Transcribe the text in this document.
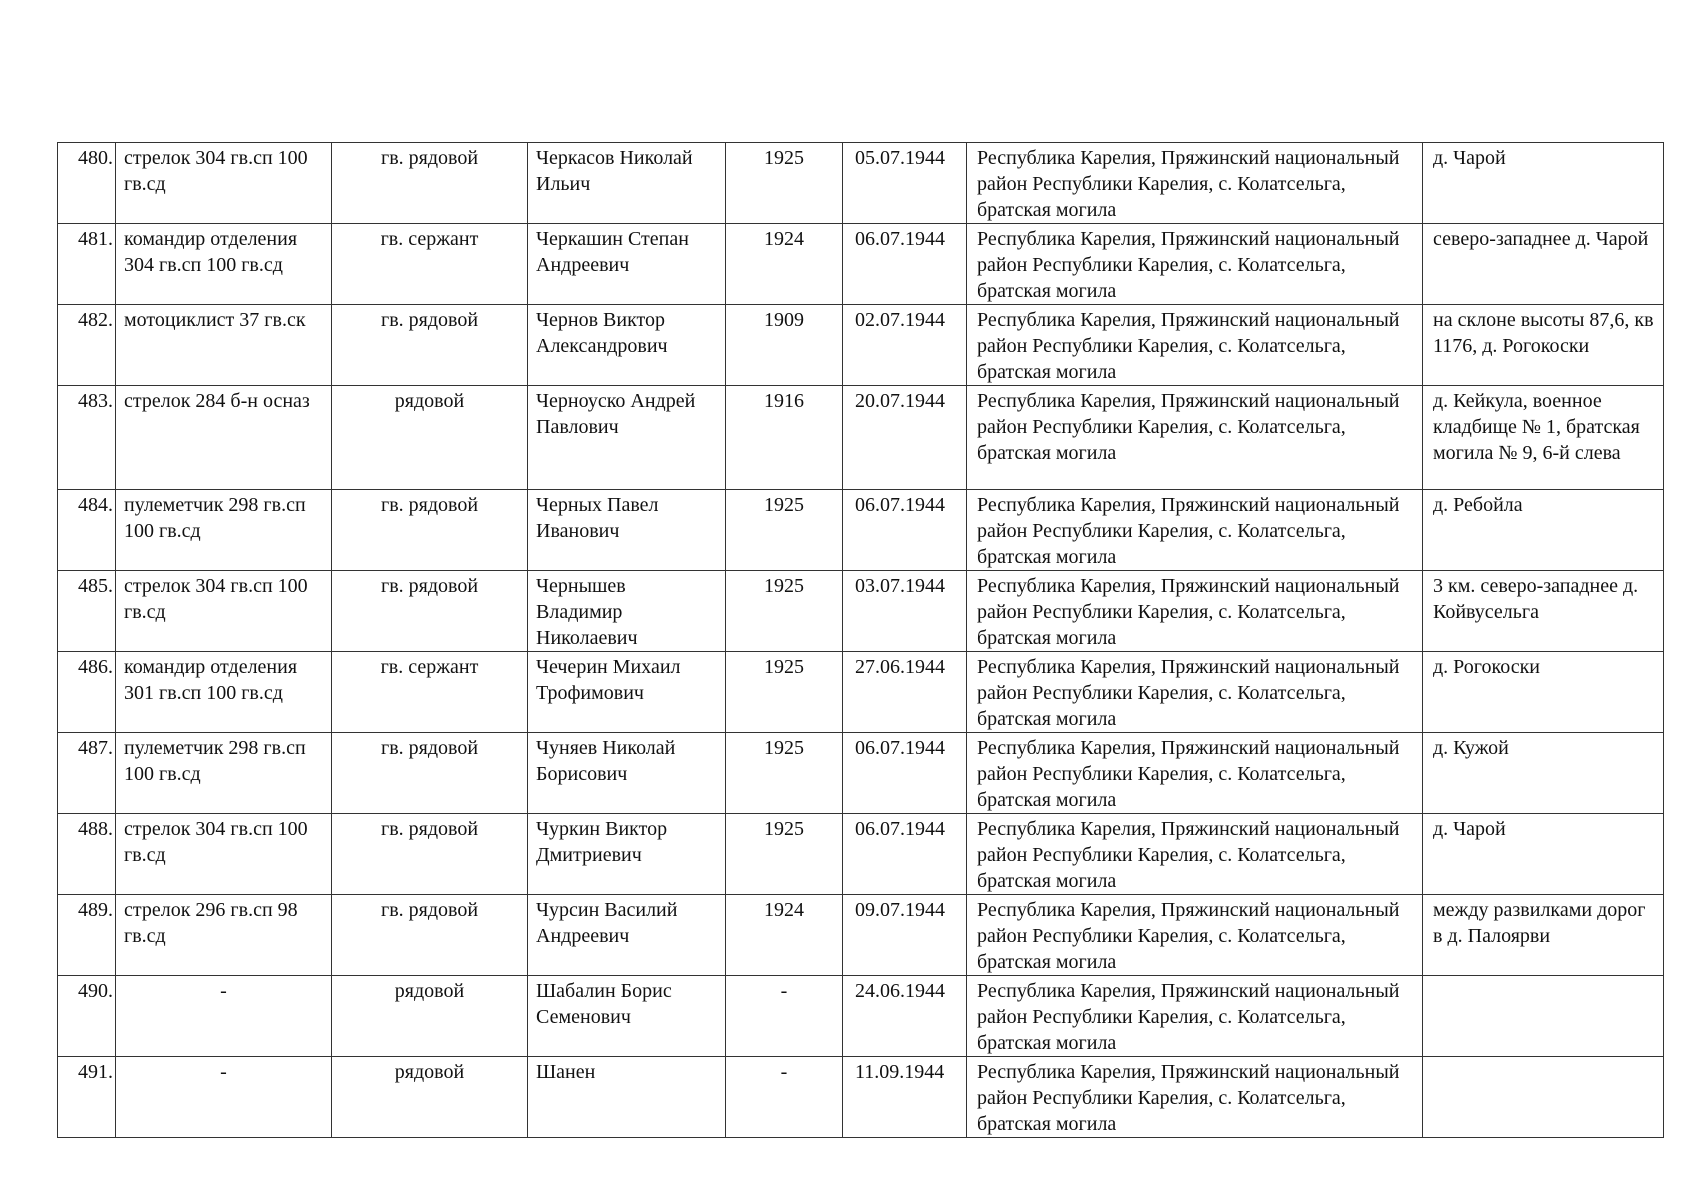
480.	стрелок 304 гв.сп 100 гв.сд	гв. рядовой	Черкасов Николай Ильич	1925	05.07.1944	Республика Карелия, Пряжинский национальный район Республики Карелия, с. Колатсельга, братская могила	д. Чарой
481.	командир отделения 304 гв.сп 100 гв.сд	гв. сержант	Черкашин Степан Андреевич	1924	06.07.1944	Республика Карелия, Пряжинский национальный район Республики Карелия, с. Колатсельга, братская могила	северо-западнее д. Чарой
482.	мотоциклист 37 гв.ск	гв. рядовой	Чернов Виктор Александрович	1909	02.07.1944	Республика Карелия, Пряжинский национальный район Республики Карелия, с. Колатсельга, братская могила	на склоне высоты 87,6, кв 1176, д. Рогокоски
483.	стрелок 284 б-н осназ	рядовой	Черноуско Андрей Павлович	1916	20.07.1944	Республика Карелия, Пряжинский национальный район Республики Карелия, с. Колатсельга, братская могила	д. Кейкула, военное кладбище № 1, братская могила № 9, 6-й слева
484.	пулеметчик 298 гв.сп 100 гв.сд	гв. рядовой	Черных Павел Иванович	1925	06.07.1944	Республика Карелия, Пряжинский национальный район Республики Карелия, с. Колатсельга, братская могила	д. Ребойла
485.	стрелок 304 гв.сп 100 гв.сд	гв. рядовой	Чернышев Владимир Николаевич	1925	03.07.1944	Республика Карелия, Пряжинский национальный район Республики Карелия, с. Колатсельга, братская могила	3 км. северо-западнее д. Койвусельга
486.	командир отделения 301 гв.сп 100 гв.сд	гв. сержант	Чечерин Михаил Трофимович	1925	27.06.1944	Республика Карелия, Пряжинский национальный район Республики Карелия, с. Колатсельга, братская могила	д. Рогокоски
487.	пулеметчик 298 гв.сп 100 гв.сд	гв. рядовой	Чуняев Николай Борисович	1925	06.07.1944	Республика Карелия, Пряжинский национальный район Республики Карелия, с. Колатсельга, братская могила	д. Кужой
488.	стрелок 304 гв.сп 100 гв.сд	гв. рядовой	Чуркин Виктор Дмитриевич	1925	06.07.1944	Республика Карелия, Пряжинский национальный район Республики Карелия, с. Колатсельга, братская могила	д. Чарой
489.	стрелок 296 гв.сп 98 гв.сд	гв. рядовой	Чурсин Василий Андреевич	1924	09.07.1944	Республика Карелия, Пряжинский национальный район Республики Карелия, с. Колатсельга, братская могила	между развилками дорог в д. Палоярви
490.	-	рядовой	Шабалин Борис Семенович	-	24.06.1944	Республика Карелия, Пряжинский национальный район Республики Карелия, с. Колатсельга, братская могила	
491.	-	рядовой	Шанен	-	11.09.1944	Республика Карелия, Пряжинский национальный район Республики Карелия, с. Колатсельга, братская могила	
